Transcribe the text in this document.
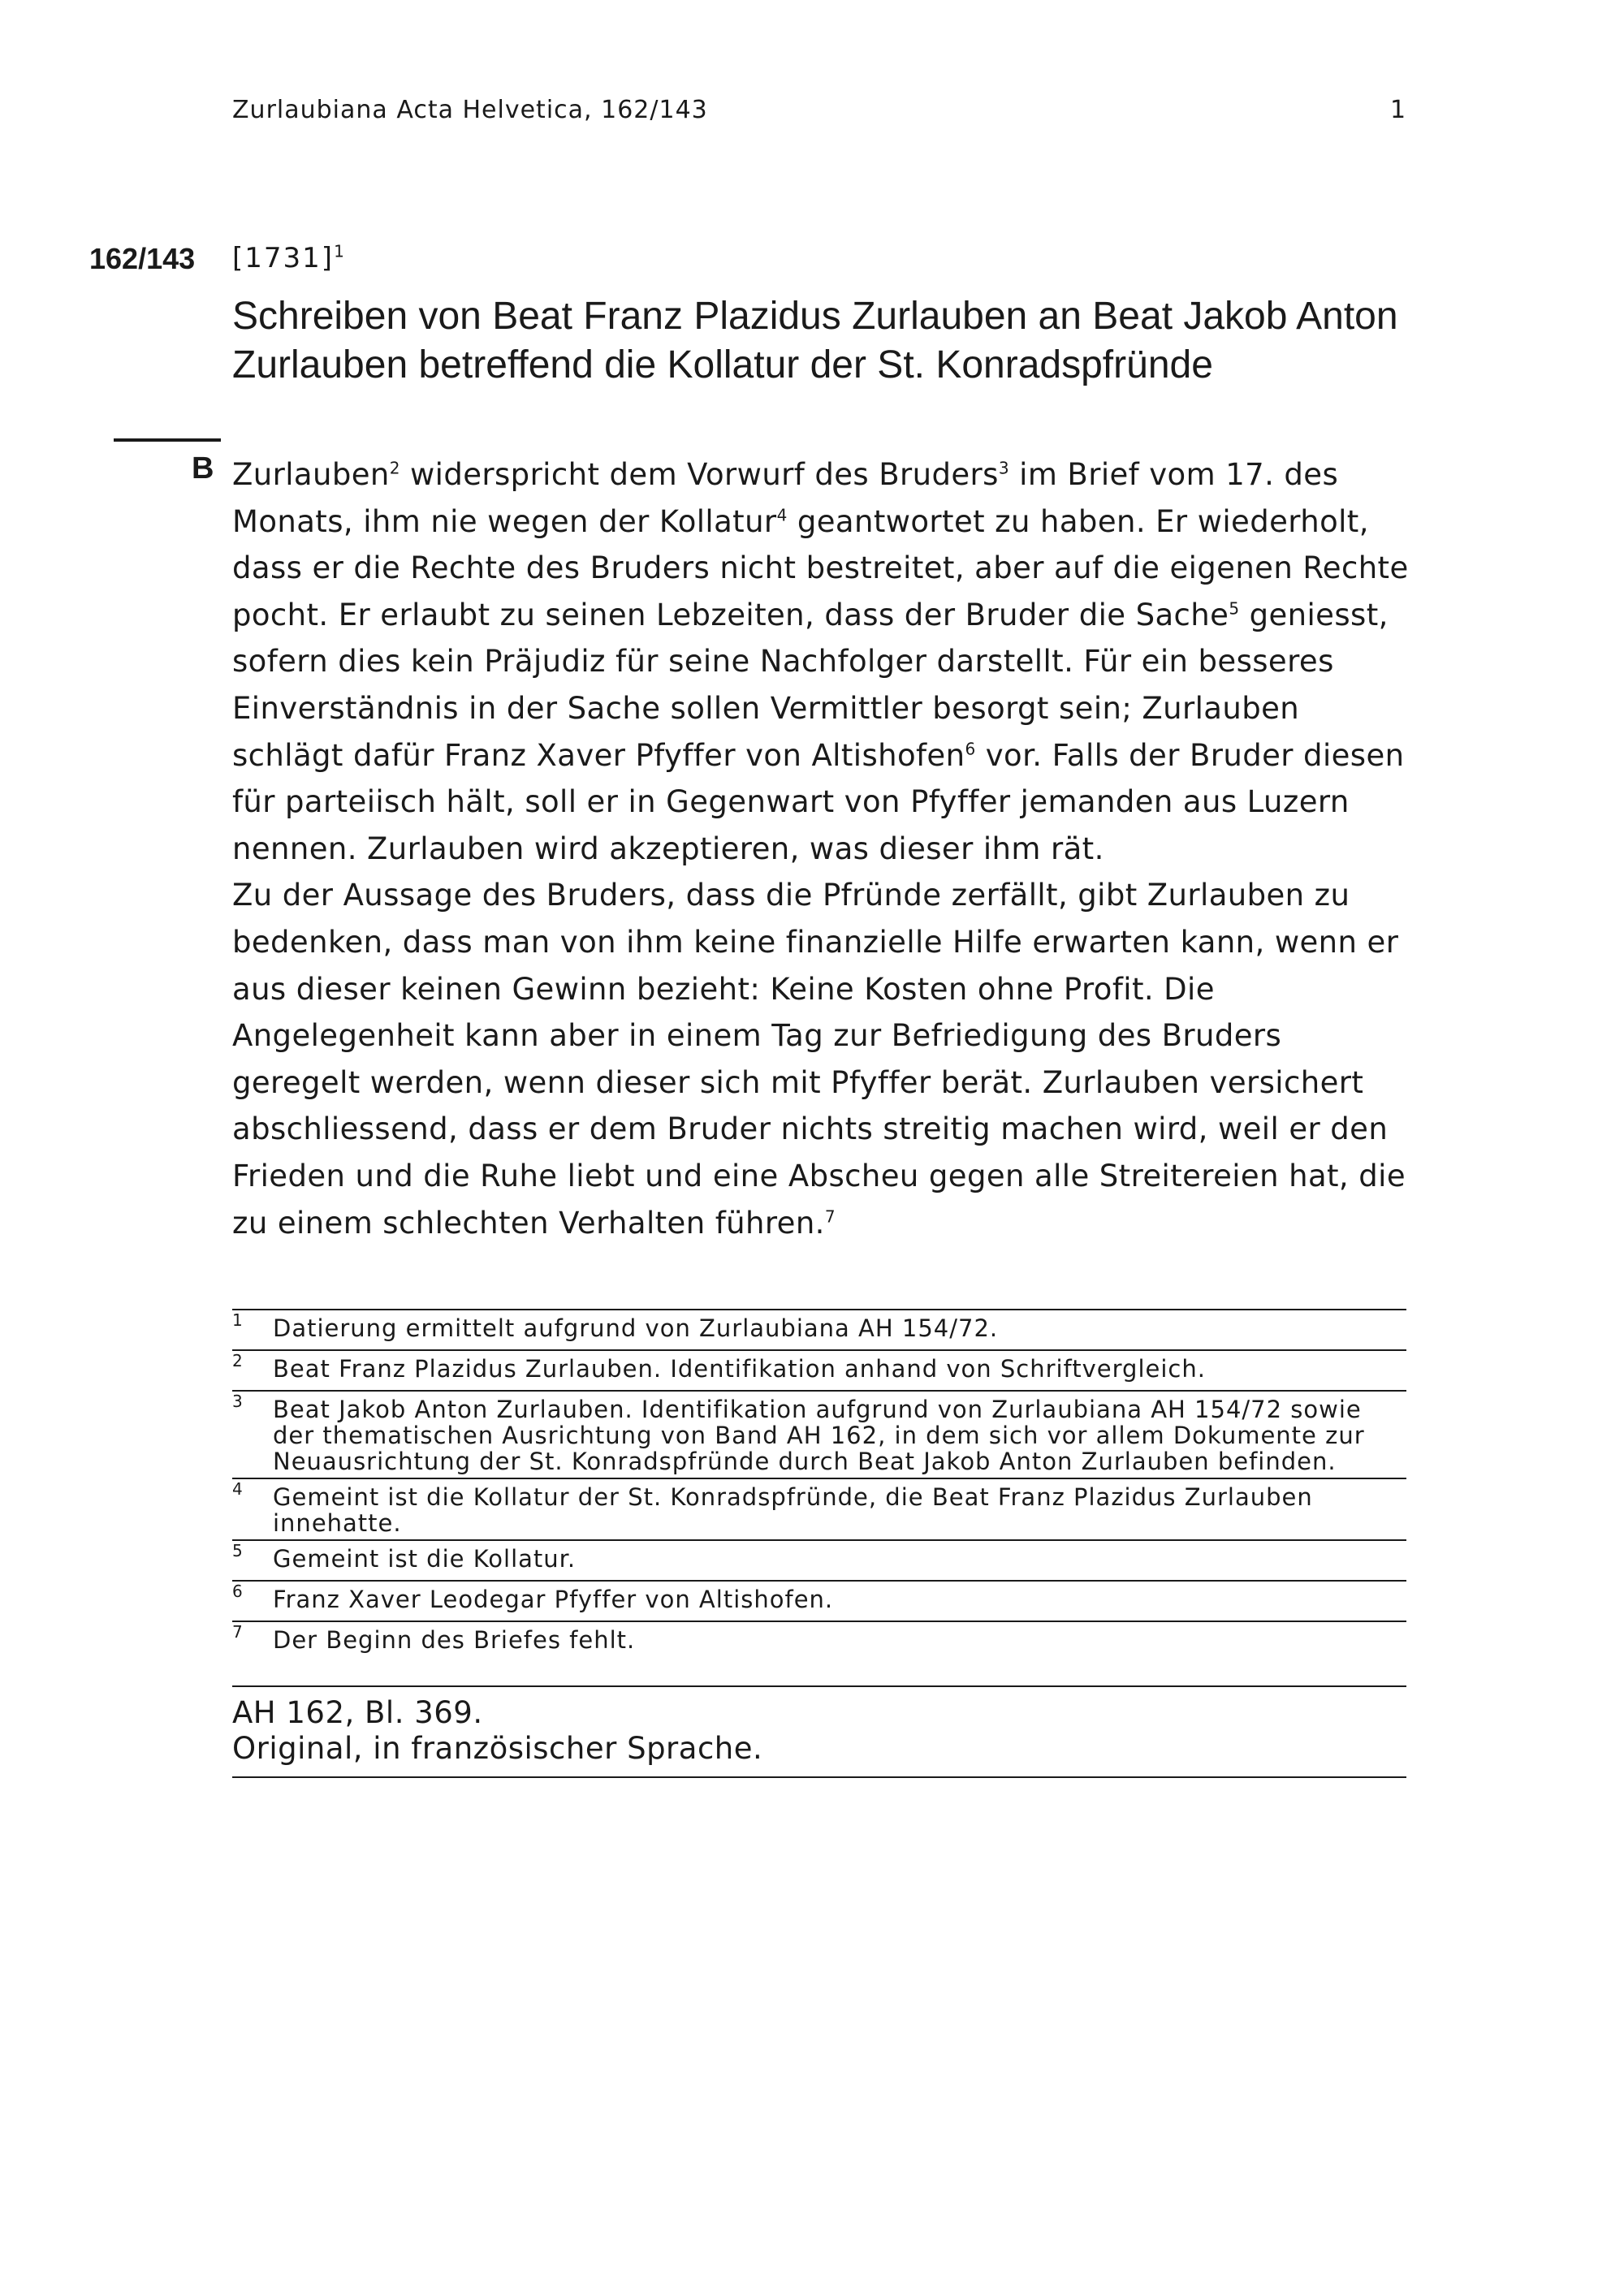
Zurlaubiana Acta Helvetica, 162/143	1
162/143 $[1731]^1$
Schreiben von Beat Franz Plazidus Zurlauben an Beat Jakob Anton Zurlauben betreffend die Kollatur der St. Konradspfründe
B Zurlauben$^2$ widerspricht dem Vorwurf des Bruders$^3$ im Brief vom 17. des Monats, ihm nie wegen der Kollatur$^4$ geantwortet zu haben. Er wiederholt, dass er die Rechte des Bruders nicht bestreitet, aber auf die eigenen Rechte pocht. Er erlaubt zu seinen Lebzeiten, dass der Bruder die Sache$^5$ geniesst, sofern dies kein Präjudiz für seine Nachfolger darstellt. Für ein besseres Einverständnis in der Sache sollen Vermittler besorgt sein; Zurlauben schlägt dafür Franz Xaver Pfyffer von Altishofen$^6$ vor. Falls der Bruder diesen für parteiisch hält, soll er in Gegenwart von Pfyffer jemanden aus Luzern nennen. Zurlauben wird akzeptieren, was dieser ihm rät.

Zu der Aussage des Bruders, dass die Pfründe zerfällt, gibt Zurlauben zu bedenken, dass man von ihm keine finanzielle Hilfe erwarten kann, wenn er aus dieser keinen Gewinn bezieht: Keine Kosten ohne Profit. Die Angelegenheit kann aber in einem Tag zur Befriedigung des Bruders geregelt werden, wenn dieser sich mit Pfyffer berät. Zurlauben versichert abschliessend, dass er dem Bruder nichts streitig machen wird, weil er den Frieden und die Ruhe liebt und eine Abscheu gegen alle Streitereien hat, die zu einem schlechten Verhalten führen.$^7$

1 Datierung ermittelt aufgrund von Zurlaubiana AH 154/72.
2 Beat Franz Plazidus Zurlauben. Identifikation anhand von Schriftvergleich.
3 Beat Jakob Anton Zurlauben. Identifikation aufgrund von Zurlaubiana AH 154/72 sowie der thematischen Ausrichtung von Band AH 162, in dem sich vor allem Dokumente zur Neuausrichtung der St. Konradspfründe durch Beat Jakob Anton Zurlauben befinden.
4 Gemeint ist die Kollatur der St. Konradspfründe, die Beat Franz Plazidus Zurlauben innehatte.
5 Gemeint ist die Kollatur.
6 Franz Xaver Leodegar Pfyffer von Altishofen.
7 Der Beginn des Briefes fehlt.
AH 162, Bl. 369.
Original, in französischer Sprache.
